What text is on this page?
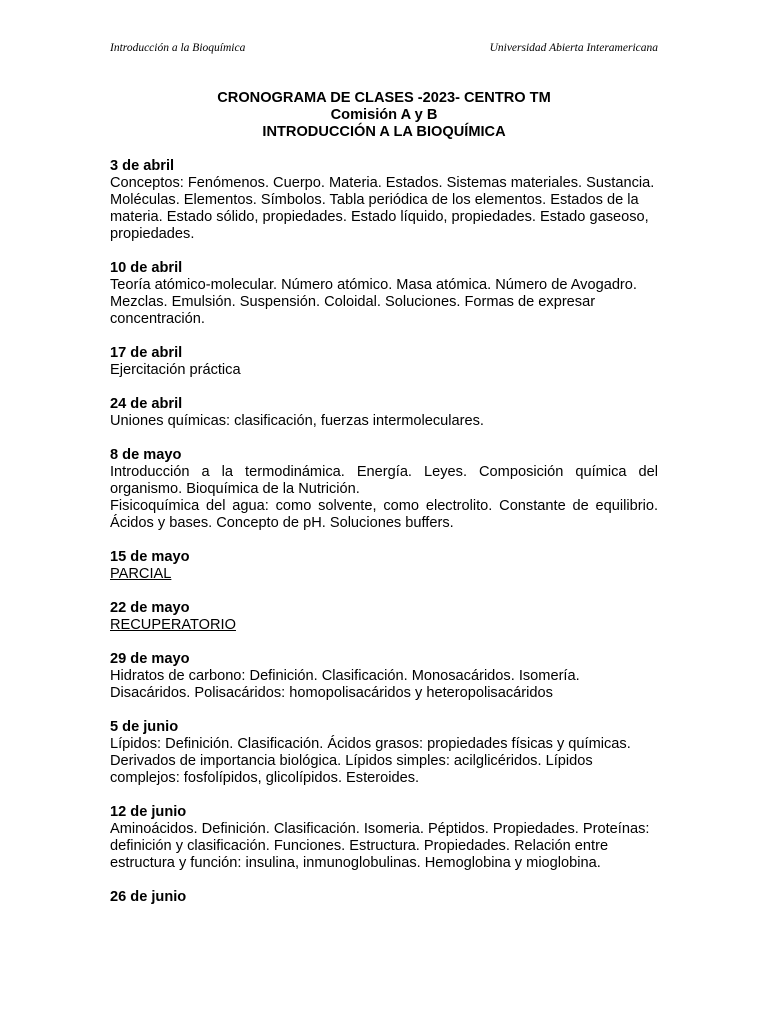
Introducción a la Bioquímica	Universidad Abierta Interamericana
CRONOGRAMA DE CLASES -2023- CENTRO TM
Comisión A y B
INTRODUCCIÓN A LA BIOQUÍMICA
3 de abril

Conceptos: Fenómenos. Cuerpo. Materia. Estados. Sistemas materiales. Sustancia. Moléculas. Elementos. Símbolos. Tabla periódica de los elementos. Estados de la materia. Estado sólido, propiedades. Estado líquido, propiedades. Estado gaseoso, propiedades.

10 de abril

Teoría atómico-molecular. Número atómico. Masa atómica. Número de Avogadro.

Mezclas. Emulsión. Suspensión. Coloidal. Soluciones. Formas de expresar concentración.

17 de abril

Ejercitación práctica

24 de abril

Uniones químicas: clasificación, fuerzas intermoleculares.

8 de mayo

Introducción a la termodinámica. Energía. Leyes. Composición química del organismo. Bioquímica de la Nutrición.

Fisicoquímica del agua: como solvente, como electrolito. Constante de equilibrio. Ácidos y bases. Concepto de pH. Soluciones buffers.

15 de mayo

PARCIAL

22 de mayo

RECUPERATORIO

29 de mayo

Hidratos de carbono: Definición. Clasificación. Monosacáridos. Isomería. Disacáridos. Polisacáridos: homopolisacáridos y heteropolisacáridos

5 de junio

Lípidos: Definición. Clasificación. Ácidos grasos: propiedades físicas y químicas. Derivados de importancia biológica. Lípidos simples: acilglicéridos. Lípidos complejos: fosfolípidos, glicolípidos. Esteroides.

12 de junio

Aminoácidos. Definición. Clasificación. Isomeria. Péptidos. Propiedades. Proteínas: definición y clasificación. Funciones. Estructura. Propiedades. Relación entre estructura y función: insulina, inmunoglobulinas. Hemoglobina y mioglobina.

26 de junio
